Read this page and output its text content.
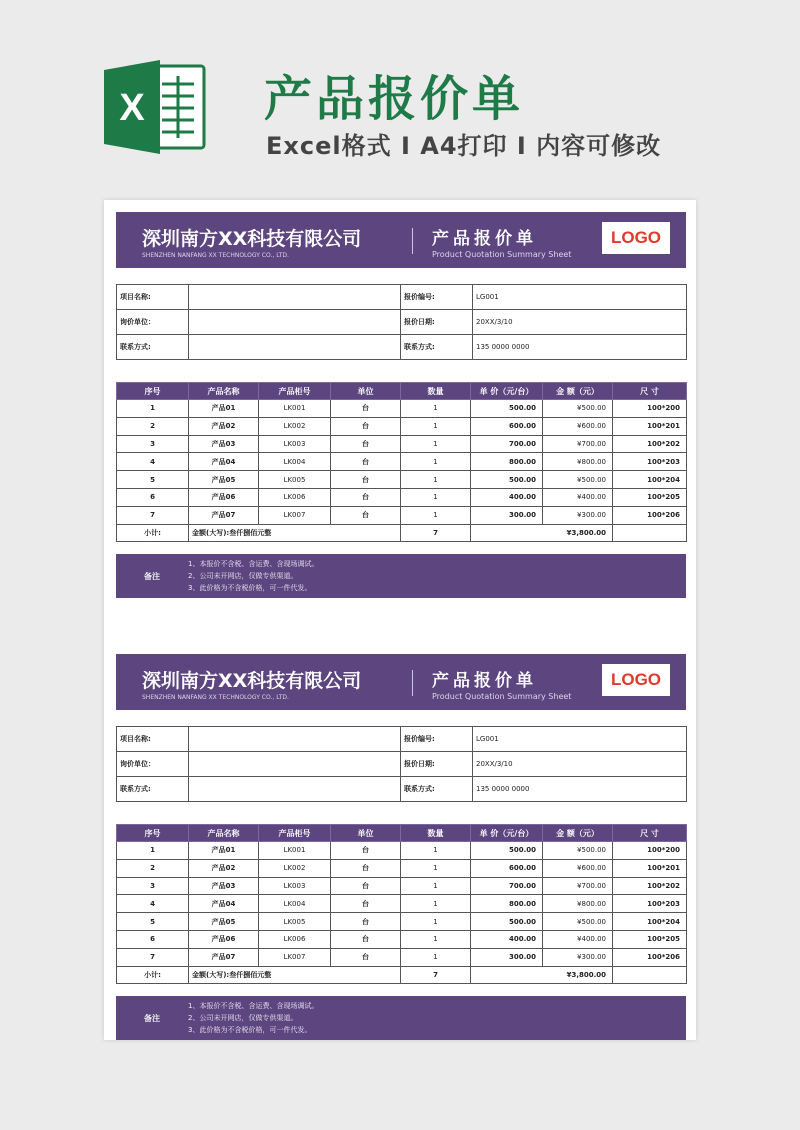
X 产品报价单
Excel格式 I A4打印 I 内容可修改
深圳南方XX科技有限公司
SHENZHEN NANFANG XX TECHNOLOGY CO., LTD.
产品报价单
Product Quotation Summary Sheet
LOGO
项目名称:		报价编号:	LG001
询价单位：		报价日期:	20XX/3/10
联系方式:		联系方式:	135 0000 0000
序号	产品名称	产品柜号	单位	数量	单 价（元/台）	金 额（元）	尺 寸
1	产品01	LK001	台	1	500.00	¥500.00	100*200
2	产品02	LK002	台	1	600.00	¥600.00	100*201
3	产品03	LK003	台	1	700.00	¥700.00	100*202
4	产品04	LK004	台	1	800.00	¥800.00	100*203
5	产品05	LK005	台	1	500.00	¥500.00	100*204
6	产品06	LK006	台	1	400.00	¥400.00	100*205
7	产品07	LK007	台	1	300.00	¥300.00	100*206
小计:	金额(大写):叁仟捌佰元整			7	¥3,800.00		
备注
1、本报价不含税、含运费、含现场调试。
2、公司未开网店，仅做专供渠道。
3、此价格为不含税价格，可一件代发。
深圳南方XX科技有限公司
SHENZHEN NANFANG XX TECHNOLOGY CO., LTD.
产品报价单
Product Quotation Summary Sheet
LOGO
项目名称:		报价编号:	LG001
询价单位：		报价日期:	20XX/3/10
联系方式:		联系方式:	135 0000 0000
序号	产品名称	产品柜号	单位	数量	单 价（元/台）	金 额（元）	尺 寸
1	产品01	LK001	台	1	500.00	¥500.00	100*200
2	产品02	LK002	台	1	600.00	¥600.00	100*201
3	产品03	LK003	台	1	700.00	¥700.00	100*202
4	产品04	LK004	台	1	800.00	¥800.00	100*203
5	产品05	LK005	台	1	500.00	¥500.00	100*204
6	产品06	LK006	台	1	400.00	¥400.00	100*205
7	产品07	LK007	台	1	300.00	¥300.00	100*206
小计:	金额(大写):叁仟捌佰元整			7	¥3,800.00		
备注
1、本报价不含税、含运费、含现场调试。
2、公司未开网店，仅做专供渠道。
3、此价格为不含税价格，可一件代发。
